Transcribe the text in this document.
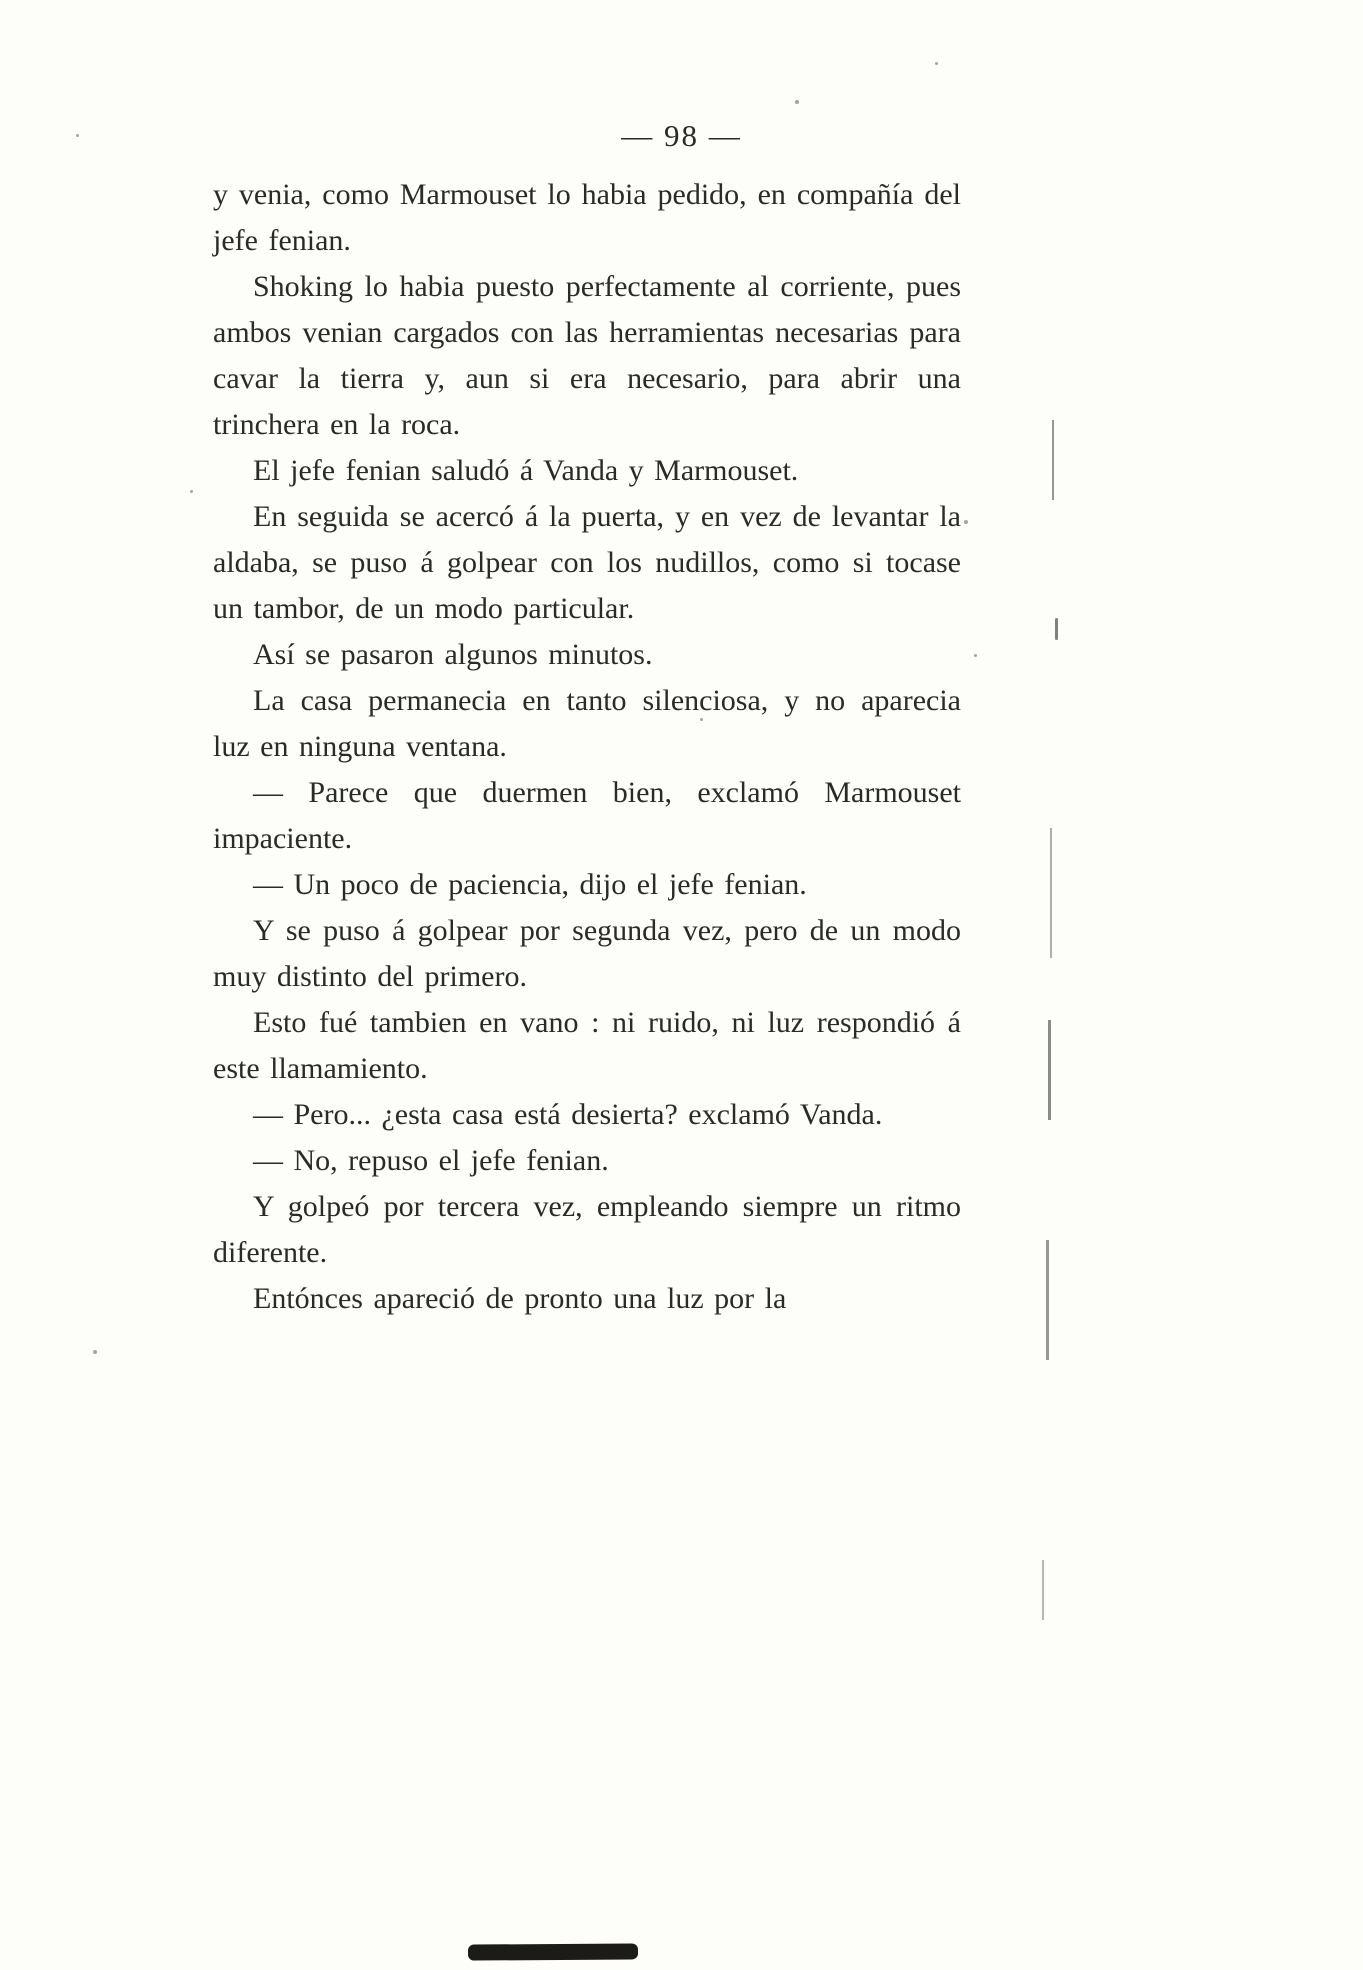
— 98 —

y venia, como Marmouset lo habia pedido, en compañía del jefe fenian.

Shoking lo habia puesto perfectamente al corriente, pues ambos venian cargados con las herramientas necesarias para cavar la tierra y, aun si era necesario, para abrir una trinchera en la roca.

El jefe fenian saludó á Vanda y Marmouset.

En seguida se acercó á la puerta, y en vez de levantar la aldaba, se puso á golpear con los nudillos, como si tocase un tambor, de un modo particular.

Así se pasaron algunos minutos.

La casa permanecia en tanto silenciosa, y no aparecia luz en ninguna ventana.

— Parece que duermen bien, exclamó Marmouset impaciente.

— Un poco de paciencia, dijo el jefe fenian.

Y se puso á golpear por segunda vez, pero de un modo muy distinto del primero.

Esto fué tambien en vano : ni ruido, ni luz respondió á este llamamiento.

— Pero... ¿esta casa está desierta? exclamó Vanda.

— No, repuso el jefe fenian.

Y golpeó por tercera vez, empleando siempre un ritmo diferente.

Entónces apareció de pronto una luz por la
